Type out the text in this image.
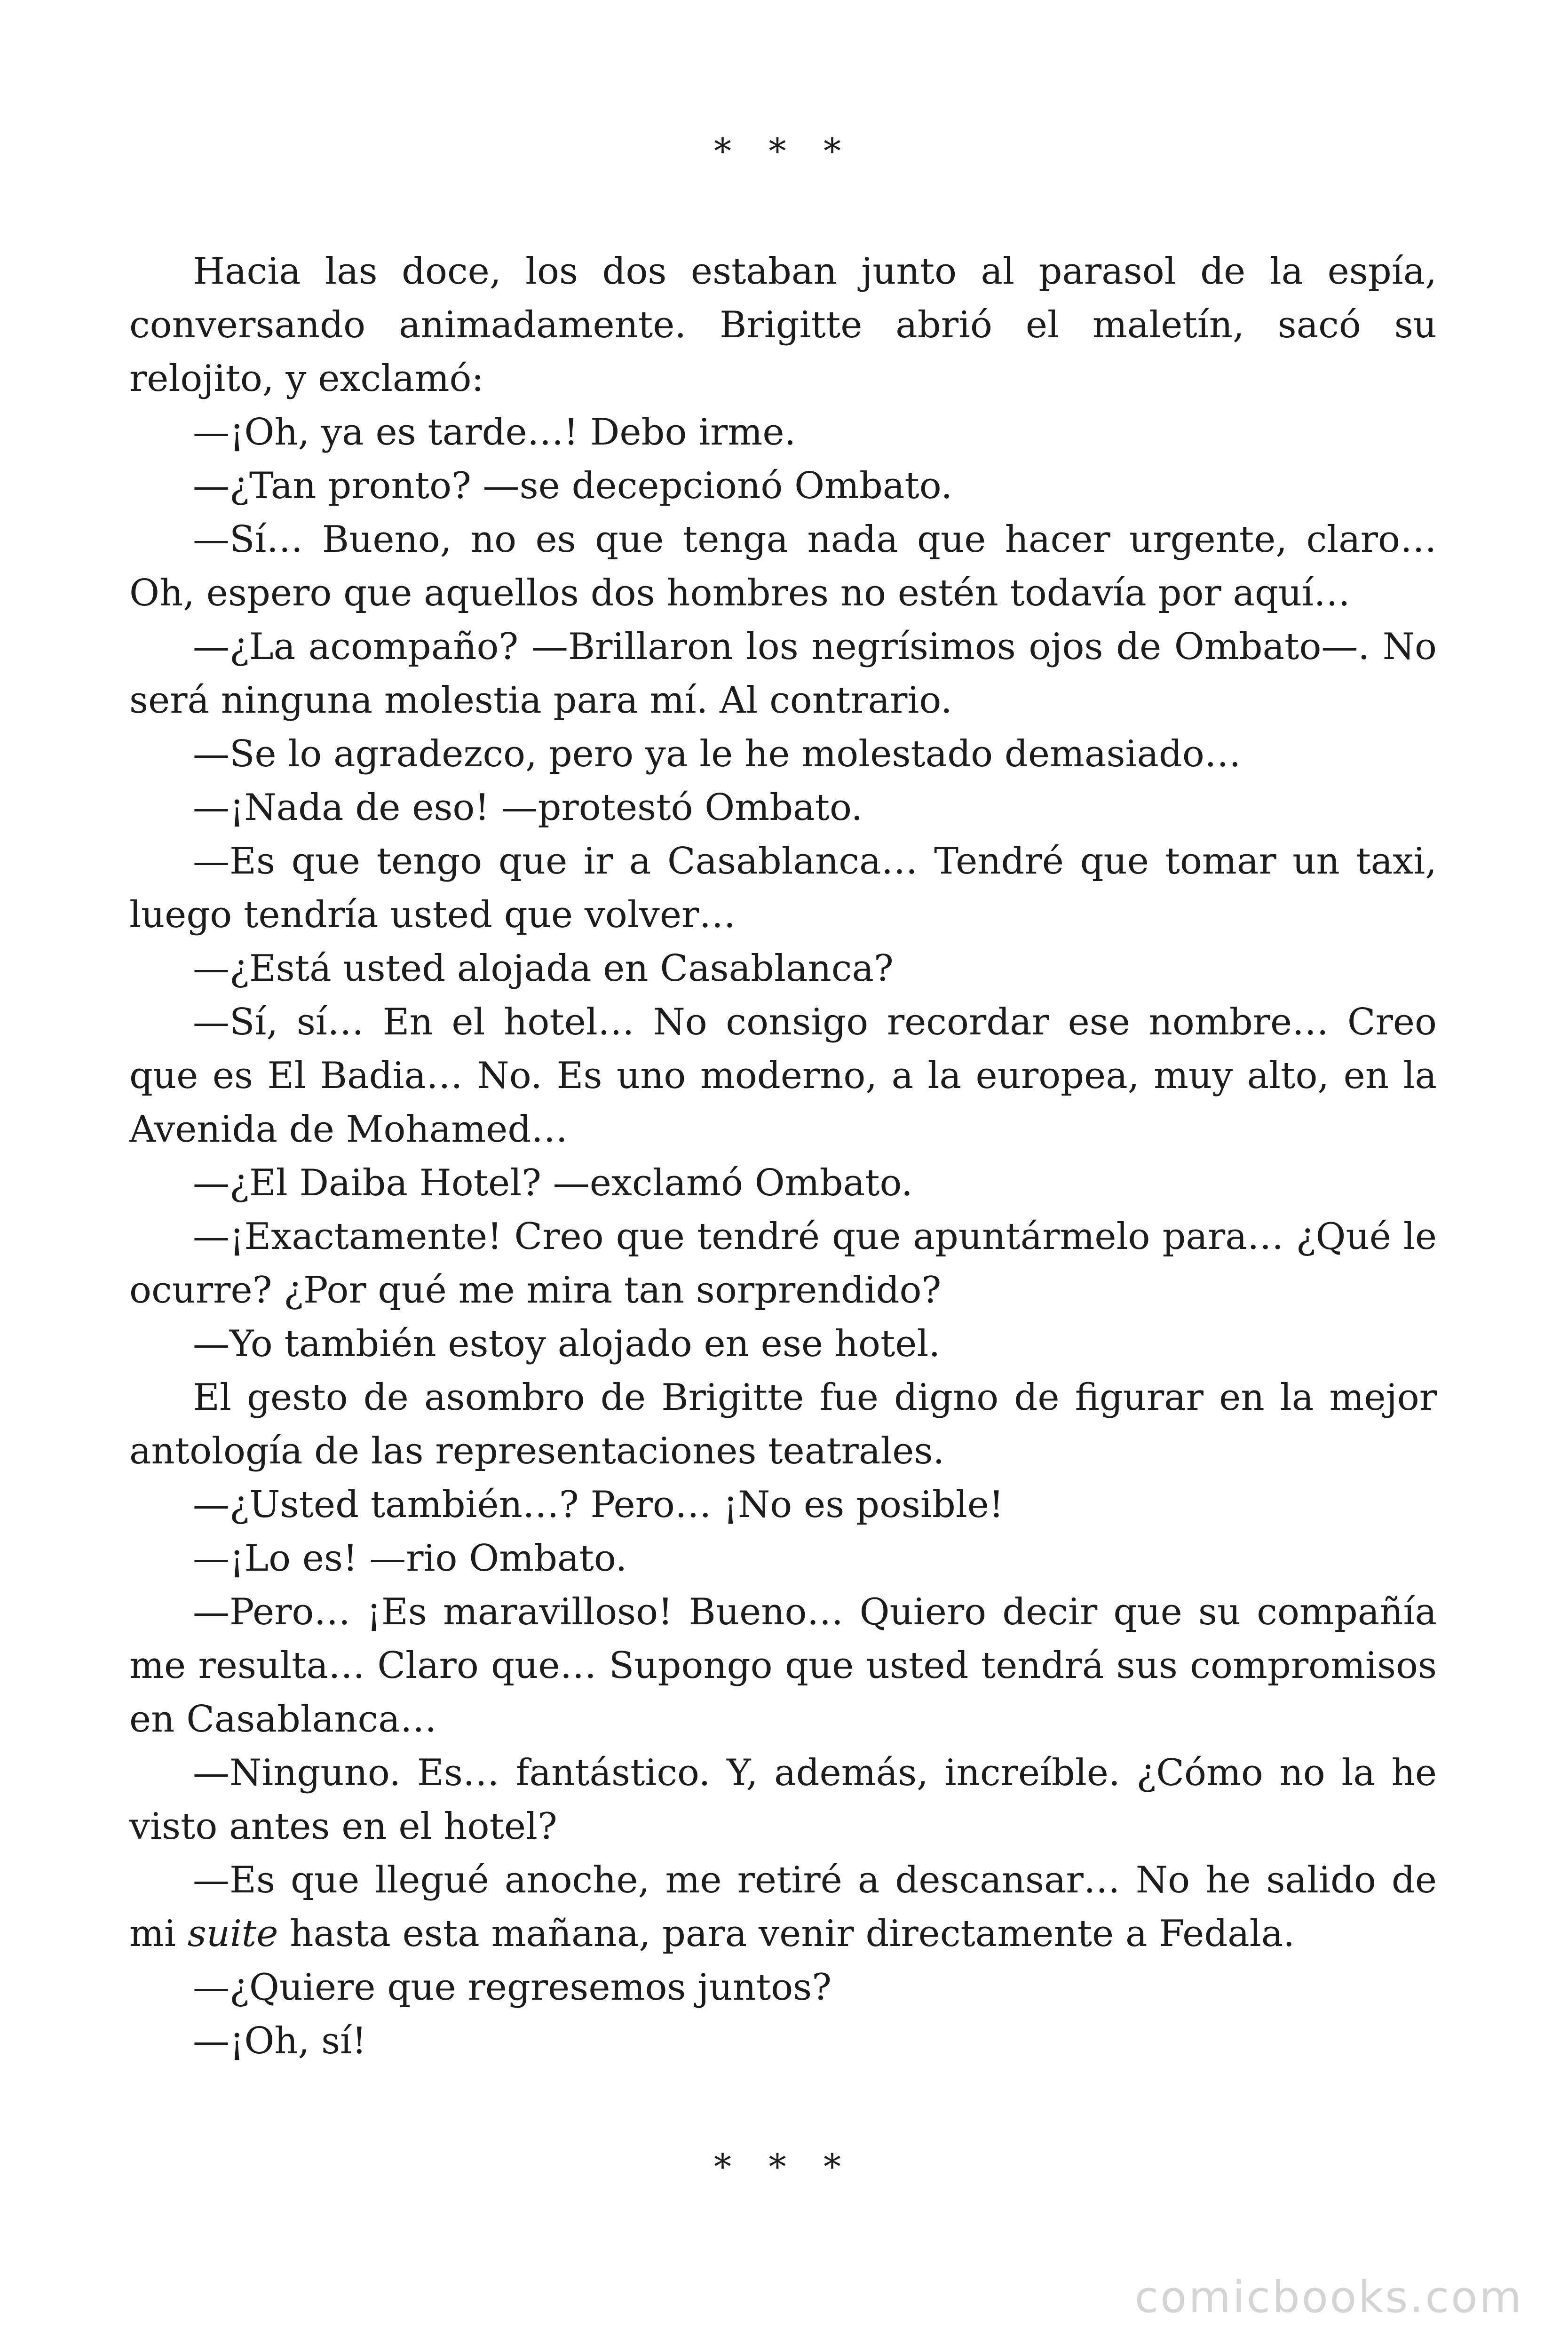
* * *

Hacia las doce, los dos estaban junto al parasol de la espía, conversando animadamente. Brigitte abrió el maletín, sacó su relojito, y exclamó:

—¡Oh, ya es tarde…! Debo irme.

—¿Tan pronto? —se decepcionó Ombato.

—Sí… Bueno, no es que tenga nada que hacer urgente, claro… Oh, espero que aquellos dos hombres no estén todavía por aquí…

—¿La acompaño? —Brillaron los negrísimos ojos de Ombato—. No será ninguna molestia para mí. Al contrario.

—Se lo agradezco, pero ya le he molestado demasiado…

—¡Nada de eso! —protestó Ombato.

—Es que tengo que ir a Casablanca… Tendré que tomar un taxi, luego tendría usted que volver…

—¿Está usted alojada en Casablanca?

—Sí, sí… En el hotel… No consigo recordar ese nombre… Creo que es El Badia… No. Es uno moderno, a la europea, muy alto, en la Avenida de Mohamed…

—¿El Daiba Hotel? —exclamó Ombato.

—¡Exactamente! Creo que tendré que apuntármelo para… ¿Qué le ocurre? ¿Por qué me mira tan sorprendido?

—Yo también estoy alojado en ese hotel.

El gesto de asombro de Brigitte fue digno de figurar en la mejor antología de las representaciones teatrales.

—¿Usted también…? Pero… ¡No es posible!

—¡Lo es! —rio Ombato.

—Pero… ¡Es maravilloso! Bueno… Quiero decir que su compañía me resulta… Claro que… Supongo que usted tendrá sus compromisos en Casablanca…

—Ninguno. Es… fantástico. Y, además, increíble. ¿Cómo no la he visto antes en el hotel?

—Es que llegué anoche, me retiré a descansar… No he salido de mi suite hasta esta mañana, para venir directamente a Fedala.

—¿Quiere que regresemos juntos?

—¡Oh, sí!

* * *
comicbooks.com
